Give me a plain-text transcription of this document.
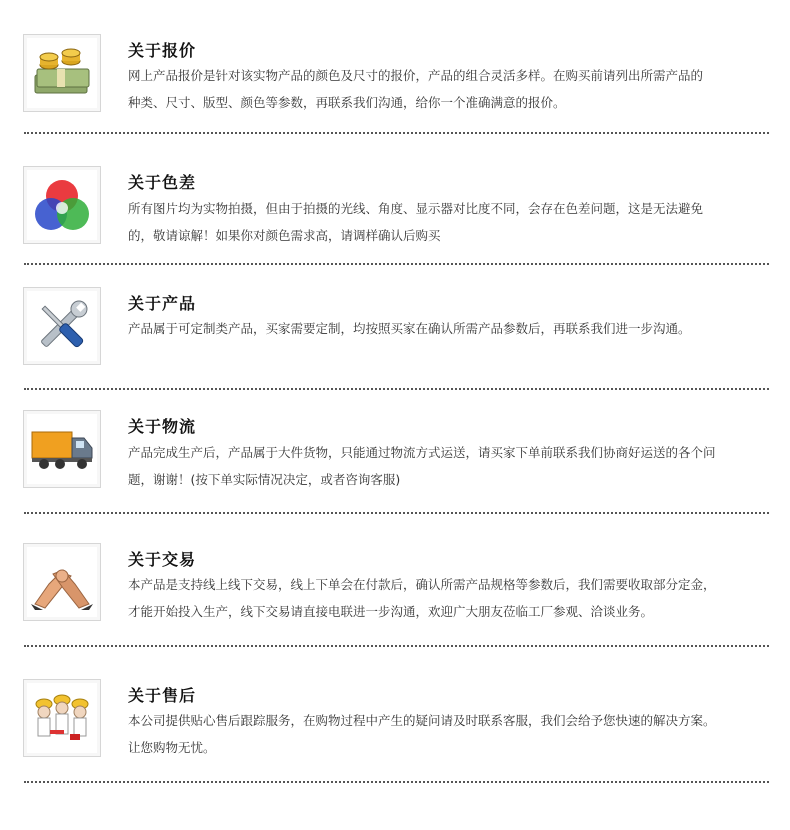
关于报价
网上产品报价是针对该实物产品的颜色及尺寸的报价，产品的组合灵活多样。在购买前请列出所需产品的
种类、尺寸、版型、颜色等参数，再联系我们沟通，给你一个准确满意的报价。
关于色差
所有图片均为实物拍摄，但由于拍摄的光线、角度、显示器对比度不同，会存在色差问题，这是无法避免
的，敬请谅解！如果你对颜色需求高，请调样确认后购买
关于产品
产品属于可定制类产品，买家需要定制，均按照买家在确认所需产品参数后，再联系我们进一步沟通。
关于物流
产品完成生产后，产品属于大件货物，只能通过物流方式运送，请买家下单前联系我们协商好运送的各个问
题，谢谢！(按下单实际情况决定，或者咨询客服)
关于交易
本产品是支持线上线下交易，线上下单会在付款后，确认所需产品规格等参数后，我们需要收取部分定金，
才能开始投入生产，线下交易请直接电联进一步沟通，欢迎广大朋友莅临工厂参观、洽谈业务。
关于售后
本公司提供贴心售后跟踪服务，在购物过程中产生的疑问请及时联系客服，我们会给予您快速的解决方案。
让您购物无忧。
